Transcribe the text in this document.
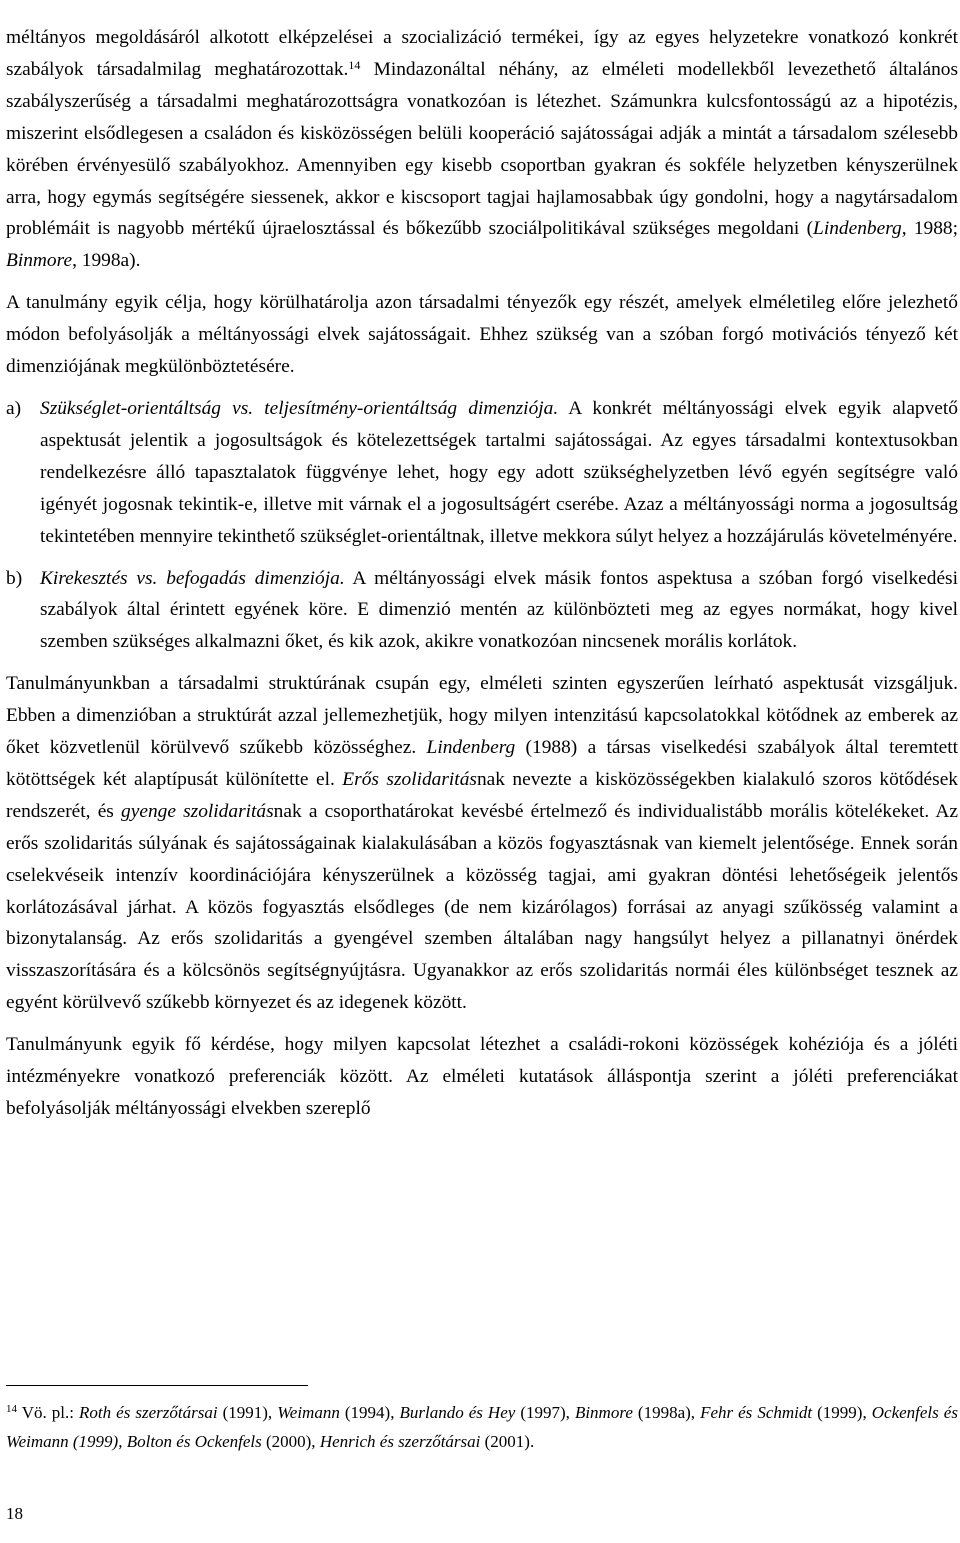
méltányos megoldásáról alkotott elképzelései a szocializáció termékei, így az egyes helyzetekre vonatkozó konkrét szabályok társadalmilag meghatározottak.$^{14}$ Mindazonáltal néhány, az elméleti modellekből levezethető általános szabályszerűség a társadalmi meghatározottságra vonatkozóan is létezhet. Számunkra kulcsfontosságú az a hipotézis, miszerint elsődlegesen a családon és kisközösségen belüli kooperáció sajátosságai adják a mintát a társadalom szélesebb körében érvényesülő szabályokhoz. Amennyiben egy kisebb csoportban gyakran és sokféle helyzetben kényszerülnek arra, hogy egymás segítségére siessenek, akkor e kiscsoport tagjai hajlamosabbak úgy gondolni, hogy a nagytársadalom problémáit is nagyobb mértékű újraelosztással és bőkezűbb szociálpolitikával szükséges megoldani (Lindenberg, 1988; Binmore, 1998a).

A tanulmány egyik célja, hogy körülhatárolja azon társadalmi tényezők egy részét, amelyek elméletileg előre jelezhető módon befolyásolják a méltányossági elvek sajátosságait. Ehhez szükség van a szóban forgó motivációs tényező két dimenziójának megkülönböztetésére.

a) Szükséglet-orientáltság vs. teljesítmény-orientáltság dimenziója. A konkrét méltányossági elvek egyik alapvető aspektusát jelentik a jogosultságok és kötelezettségek tartalmi sajátosságai. Az egyes társadalmi kontextusokban rendelkezésre álló tapasztalatok függvénye lehet, hogy egy adott szükséghelyzetben lévő egyén segítségre való igényét jogosnak tekintik-e, illetve mit várnak el a jogosultságért cserébe. Azaz a méltányossági norma a jogosultság tekintetében mennyire tekinthető szükséglet-orientáltnak, illetve mekkora súlyt helyez a hozzájárulás követelményére.

b) Kirekesztés vs. befogadás dimenziója. A méltányossági elvek másik fontos aspektusa a szóban forgó viselkedési szabályok által érintett egyének köre. E dimenzió mentén az különbözteti meg az egyes normákat, hogy kivel szemben szükséges alkalmazni őket, és kik azok, akikre vonatkozóan nincsenek morális korlátok.

Tanulmányunkban a társadalmi struktúrának csupán egy, elméleti szinten egyszerűen leírható aspektusát vizsgáljuk. Ebben a dimenzióban a struktúrát azzal jellemezhetjük, hogy milyen intenzitású kapcsolatokkal kötődnek az emberek az őket közvetlenül körülvevő szűkebb közösséghez. Lindenberg (1988) a társas viselkedési szabályok által teremtett kötöttségek két alaptípusát különítette el. Erős szolidaritásnak nevezte a kisközösségekben kialakuló szoros kötődések rendszerét, és gyenge szolidaritásnak a csoporthatárokat kevésbé értelmező és individualistább morális kötelékeket. Az erős szolidaritás súlyának és sajátosságainak kialakulásában a közös fogyasztásnak van kiemelt jelentősége. Ennek során cselekvéseik intenzív koordinációjára kényszerülnek a közösség tagjai, ami gyakran döntési lehetőségeik jelentős korlátozásával járhat. A közös fogyasztás elsődleges (de nem kizárólagos) forrásai az anyagi szűkösség valamint a bizonytalanság. Az erős szolidaritás a gyengével szemben általában nagy hangsúlyt helyez a pillanatnyi önérdek visszaszorítására és a kölcsönös segítségnyújtásra. Ugyanakkor az erős szolidaritás normái éles különbséget tesznek az egyént körülvevő szűkebb környezet és az idegenek között.

Tanulmányunk egyik fő kérdése, hogy milyen kapcsolat létezhet a családi-rokoni közösségek kohéziója és a jóléti intézményekre vonatkozó preferenciák között. Az elméleti kutatások álláspontja szerint a jóléti preferenciákat befolyásolják méltányossági elvekben szereplő

$^{14}$ Vö. pl.: Roth és szerzőtársai (1991), Weimann (1994), Burlando és Hey (1997), Binmore (1998a), Fehr és Schmidt (1999), Ockenfels és Weimann (1999), Bolton és Ockenfels (2000), Henrich és szerzőtársai (2001).
18
